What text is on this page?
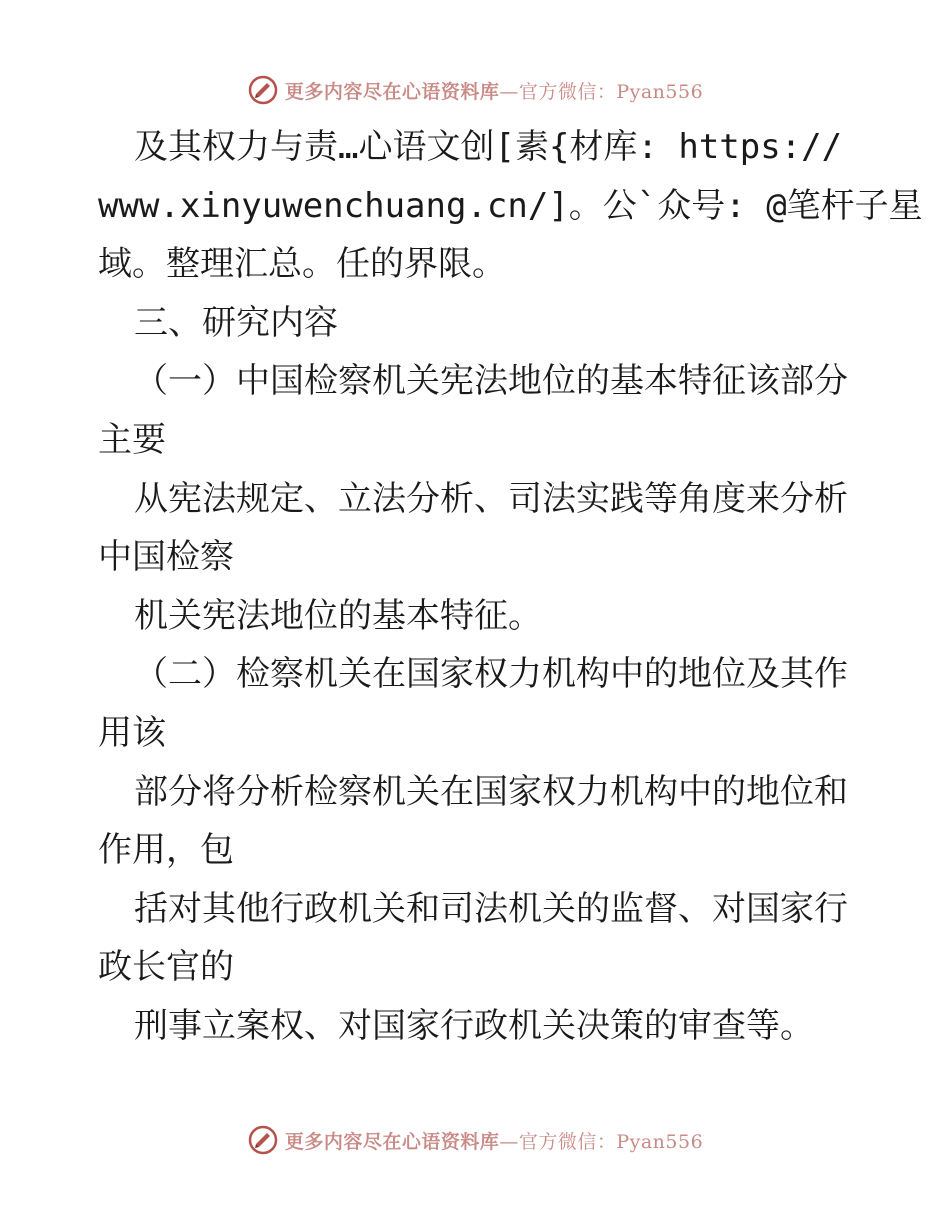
更多内容尽在心语资料库—官方微信：Pyan556
及其权力与责…心语文创[素{材库: https://
www.xinyuwenchuang.cn/]。公`众号: @笔杆子星
域。整理汇总。任的界限。
三、研究内容
（一）中国检察机关宪法地位的基本特征该部分
主要
从宪法规定、立法分析、司法实践等角度来分析
中国检察
机关宪法地位的基本特征。
（二）检察机关在国家权力机构中的地位及其作
用该
部分将分析检察机关在国家权力机构中的地位和
作用，包
括对其他行政机关和司法机关的监督、对国家行
政长官的
刑事立案权、对国家行政机关决策的审查等。
更多内容尽在心语资料库—官方微信：Pyan556
